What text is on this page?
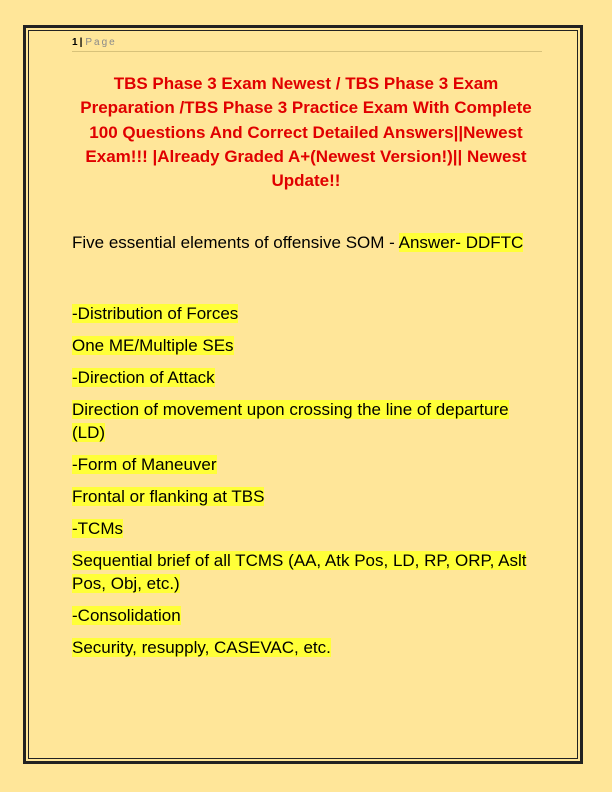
1 | Page

TBS Phase 3 Exam Newest / TBS Phase 3 Exam Preparation /TBS Phase 3 Practice Exam With Complete 100 Questions And Correct Detailed Answers||Newest Exam!!! |Already Graded A+(Newest Version!)|| Newest Update!!

Five essential elements of offensive SOM - Answer- DDFTC

-Distribution of Forces
One ME/Multiple SEs
-Direction of Attack
Direction of movement upon crossing the line of departure (LD)
-Form of Maneuver
Frontal or flanking at TBS
-TCMs
Sequential brief of all TCMS (AA, Atk Pos, LD, RP, ORP, Aslt Pos, Obj, etc.)
-Consolidation
Security, resupply, CASEVAC, etc.
